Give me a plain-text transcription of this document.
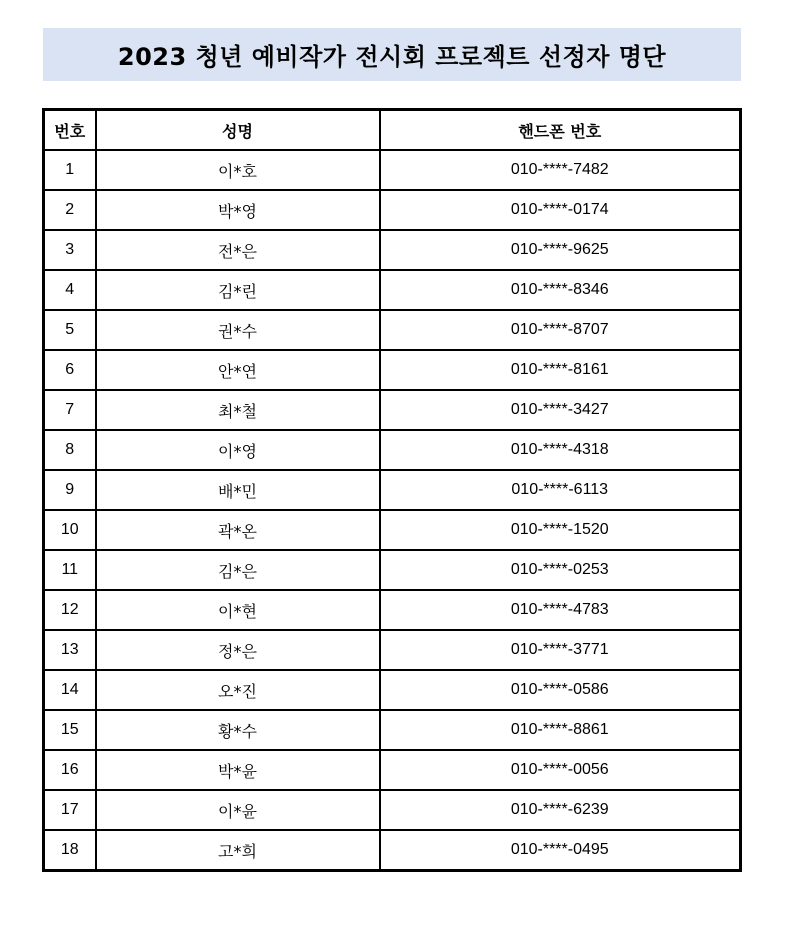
2023 청년 예비작가 전시회 프로젝트 선정자 명단
번호	성명	핸드폰 번호
1	이*호	010-****-7482
2	박*영	010-****-0174
3	전*은	010-****-9625
4	김*린	010-****-8346
5	권*수	010-****-8707
6	안*연	010-****-8161
7	최*철	010-****-3427
8	이*영	010-****-4318
9	배*민	010-****-6113
10	곽*온	010-****-1520
11	김*은	010-****-0253
12	이*현	010-****-4783
13	정*은	010-****-3771
14	오*진	010-****-0586
15	황*수	010-****-8861
16	박*윤	010-****-0056
17	이*윤	010-****-6239
18	고*희	010-****-0495
